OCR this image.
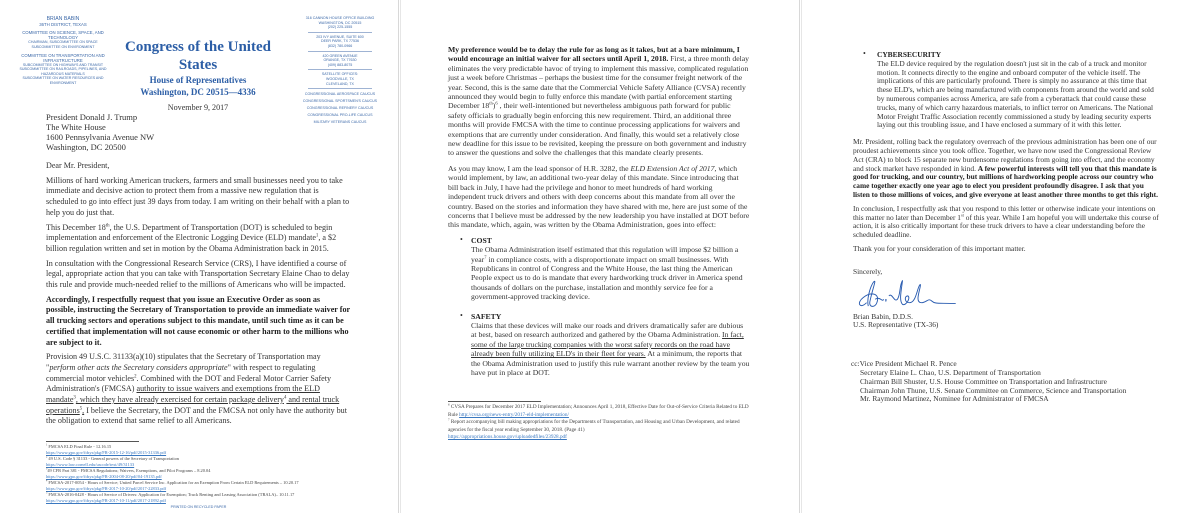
BRIAN BABIN
36TH DISTRICT, TEXAS
COMMITTEE ON SCIENCE, SPACE, AND TECHNOLOGY
CHAIRMAN, SUBCOMMITTEE ON SPACE
SUBCOMMITTEE ON ENVIRONMENT
COMMITTEE ON TRANSPORTATION AND INFRASTRUCTURE
SUBCOMMITTEE ON HIGHWAYS AND TRANSIT
SUBCOMMITTEE ON RAILROADS, PIPELINES, AND HAZARDOUS MATERIALS
SUBCOMMITTEE ON WATER RESOURCES AND ENVIRONMENT
Congress of the United States
House of Representatives
Washington, DC 20515—4336
November 9, 2017
316 CANNON HOUSE OFFICE BUILDING
WASHINGTON, DC 20515
(202) 225-1555
203 IVY AVENUE, SUITE 600
DEER PARK, TX 77536
(832) 780-0966
420 GREEN AVENUE
ORANGE, TX 77630
(409) 883-8075
SATELLITE OFFICES:
WOODVILLE, TX
CLEVELAND, TX
CONGRESSIONAL AEROSPACE CAUCUS
CONGRESSIONAL SPORTSMEN'S CAUCUS
CONGRESSIONAL REFINERY CAUCUS
CONGRESSIONAL PRO-LIFE CAUCUS
MILITARY VETERANS CAUCUS
President Donald J. Trump
The White House
1600 Pennsylvania Avenue NW
Washington, DC 20500
Dear Mr. President,
Millions of hard working American truckers, farmers and small businesses need you to take immediate and decisive action to protect them from a massive new regulation that is scheduled to go into effect just 39 days from today. I am writing on their behalf with a plan to help you do just that.
This December 18th, the U.S. Department of Transportation (DOT) is scheduled to begin implementation and enforcement of the Electronic Logging Device (ELD) mandate$^1$, a $2 billion regulation written and set in motion by the Obama Administration back in 2015.
In consultation with the Congressional Research Service (CRS), I have identified a course of legal, appropriate action that you can take with Transportation Secretary Elaine Chao to delay this rule and provide much-needed relief to the millions of Americans who will be impacted.
Accordingly, I respectfully request that you issue an Executive Order as soon as possible, instructing the Secretary of Transportation to provide an immediate waiver for all trucking sectors and operations subject to this mandate, until such time as it can be certified that implementation will not cause economic or other harm to the millions who are subject to it.
Provision 49 U.S.C. 31133(a)(10) stipulates that the Secretary of Transportation may "perform other acts the Secretary considers appropriate" with respect to regulating commercial motor vehicles$^2$. Combined with the DOT and Federal Motor Carrier Safety Administration's (FMCSA) authority to issue waivers and exemptions from the ELD mandate$^3$, which they have already exercised for certain package delivery$^4$ and rental truck operations$^5$, I believe the Secretary, the DOT and the FMCSA not only have the authority but the obligation to extend that same relief to all Americans.
$^1$ FMCSA ELD Final Rule - 12.16.15
https://www.gpo.gov/fdsys/pkg/FR-2015-12-16/pdf/2015-31336.pdf
$^2$ 49 U.S. Code § 31133 - General powers of the Secretary of Transportation
https://www.law.cornell.edu/uscode/text/49/31133
$^3$49 CFR Part 381 - FMCSA Regulations; Waivers, Exemptions, and Pilot Programs – 8.20.04
https://www.gpo.gov/fdsys/pkg/FR-2004-08-20/pdf/04-19135.pdf
$^4$ FMCSA-2017-0054 - Hours of Service; United Parcel Service Inc. Application for an Exemption From Certain ELD Requirements – 10.20.17
https://www.gpo.gov/fdsys/pkg/FR-2017-10-20/pdf/2017-22833.pdf
$^5$ FMCSA-2016-0428 - Hours of Service of Drivers: Application for Exemption; Truck Renting and Leasing Association (TRALA)– 10.11.17
https://www.gpo.gov/fdsys/pkg/FR-2017-10-11/pdf/2017-21892.pdf
PRINTED ON RECYCLED PAPER
My preference would be to delay the rule for as long as it takes, but at a bare minimum, I would encourage an initial waiver for all sectors until April 1, 2018. First, a three month delay eliminates the very predictable havoc of trying to implement this massive, complicated regulation just a week before Christmas – perhaps the busiest time for the consumer freight network of the year. Second, this is the same date that the Commercial Vehicle Safety Alliance (CVSA) recently announced they would begin to fully enforce this mandate (with partial enforcement starting December 18th)$^6$ , their well-intentioned but nevertheless ambiguous path forward for public safety officials to gradually begin enforcing this new requirement. Third, an additional three months will provide FMCSA with the time to continue processing applications for waivers and exemptions that are currently under consideration. And finally, this would set a relatively close new deadline for this issue to be revisited, keeping the pressure on both government and industry to answer the questions and solve the challenges that this mandate clearly presents.
As you may know, I am the lead sponsor of H.R. 3282, the ELD Extension Act of 2017, which would implement, by law, an additional two-year delay of this mandate. Since introducing that bill back in July, I have had the privilege and honor to meet hundreds of hard working independent truck drivers and others with deep concerns about this mandate from all over the country. Based on the stories and information they have shared with me, here are just some of the concerns that I believe must be addressed by the new leadership you have installed at DOT before this mandate, which, again, was written by the Obama Administration, goes into effect:
• COST
The Obama Administration itself estimated that this regulation will impose $2 billion a year$^7$ in compliance costs, with a disproportionate impact on small businesses. With Republicans in control of Congress and the White House, the last thing the American People expect us to do is mandate that every hardworking truck driver in America spend thousands of dollars on the purchase, installation and monthly service fee for a government-approved tracking device.
• SAFETY
Claims that these devices will make our roads and drivers dramatically safer are dubious at best, based on research authorized and gathered by the Obama Administration. In fact, some of the large trucking companies with the worst safety records on the road have already been fully utilizing ELD's in their fleet for years. At a minimum, the reports that the Obama Administration used to justify this rule warrant another review by the team you have put in place at DOT.
$^6$ CVSA Prepares for December 2017 ELD Implementation; Announces April 1, 2018, Effective Date for Out-of-Service Criteria Related to ELD Rule http://cvsa.org/news-entry/2017-eld-implementation/
$^7$ Report accompanying bill making appropriations for the Departments of Transportation, and Housing and Urban Development, and related agencies for the fiscal year ending September 30, 2018. (Page 41)
https://appropriations.house.gov/uploadedfiles/23928.pdf
• CYBERSECURITY
The ELD device required by the regulation doesn't just sit in the cab of a truck and monitor motion. It connects directly to the engine and onboard computer of the vehicle itself. The implications of this are particularly profound. There is simply no assurance at this time that these ELD's, which are being manufactured with components from around the world and sold by numerous companies across America, are safe from a cyberattack that could cause these trucks, many of which carry hazardous materials, to inflict terror on Americans. The National Motor Freight Traffic Association recently commissioned a study by leading security experts laying out this troubling issue, and I have enclosed a summary of it with this letter.
Mr. President, rolling back the regulatory overreach of the previous administration has been one of our proudest achievements since you took office. Together, we have now used the Congressional Review Act (CRA) to block 15 separate new burdensome regulations from going into effect, and the economy and stock market have responded in kind. A few powerful interests will tell you that this mandate is good for trucking, and our country, but millions of hardworking people across our country who came together exactly one year ago to elect you president profoundly disagree. I ask that you listen to those millions of voices, and give everyone at least another three months to get this right.
In conclusion, I respectfully ask that you respond to this letter or otherwise indicate your intentions on this matter no later than December 1st of this year. While I am hopeful you will undertake this course of action, it is also critically important for these truck drivers to have a clear understanding before the scheduled deadline.
Thank you for your consideration of this important matter.
Sincerely,
Brian Babin, D.D.S.
U.S. Representative (TX-36)
cc:Vice President Michael R. Pence
Secretary Elaine L. Chao, U.S. Department of Transportation
Chairman Bill Shuster, U.S. House Committee on Transportation and Infrastructure
Chairman John Thune, U.S. Senate Committee on Commerce, Science and Transportation
Mr. Raymond Martinez, Nominee for Administrator of FMCSA
